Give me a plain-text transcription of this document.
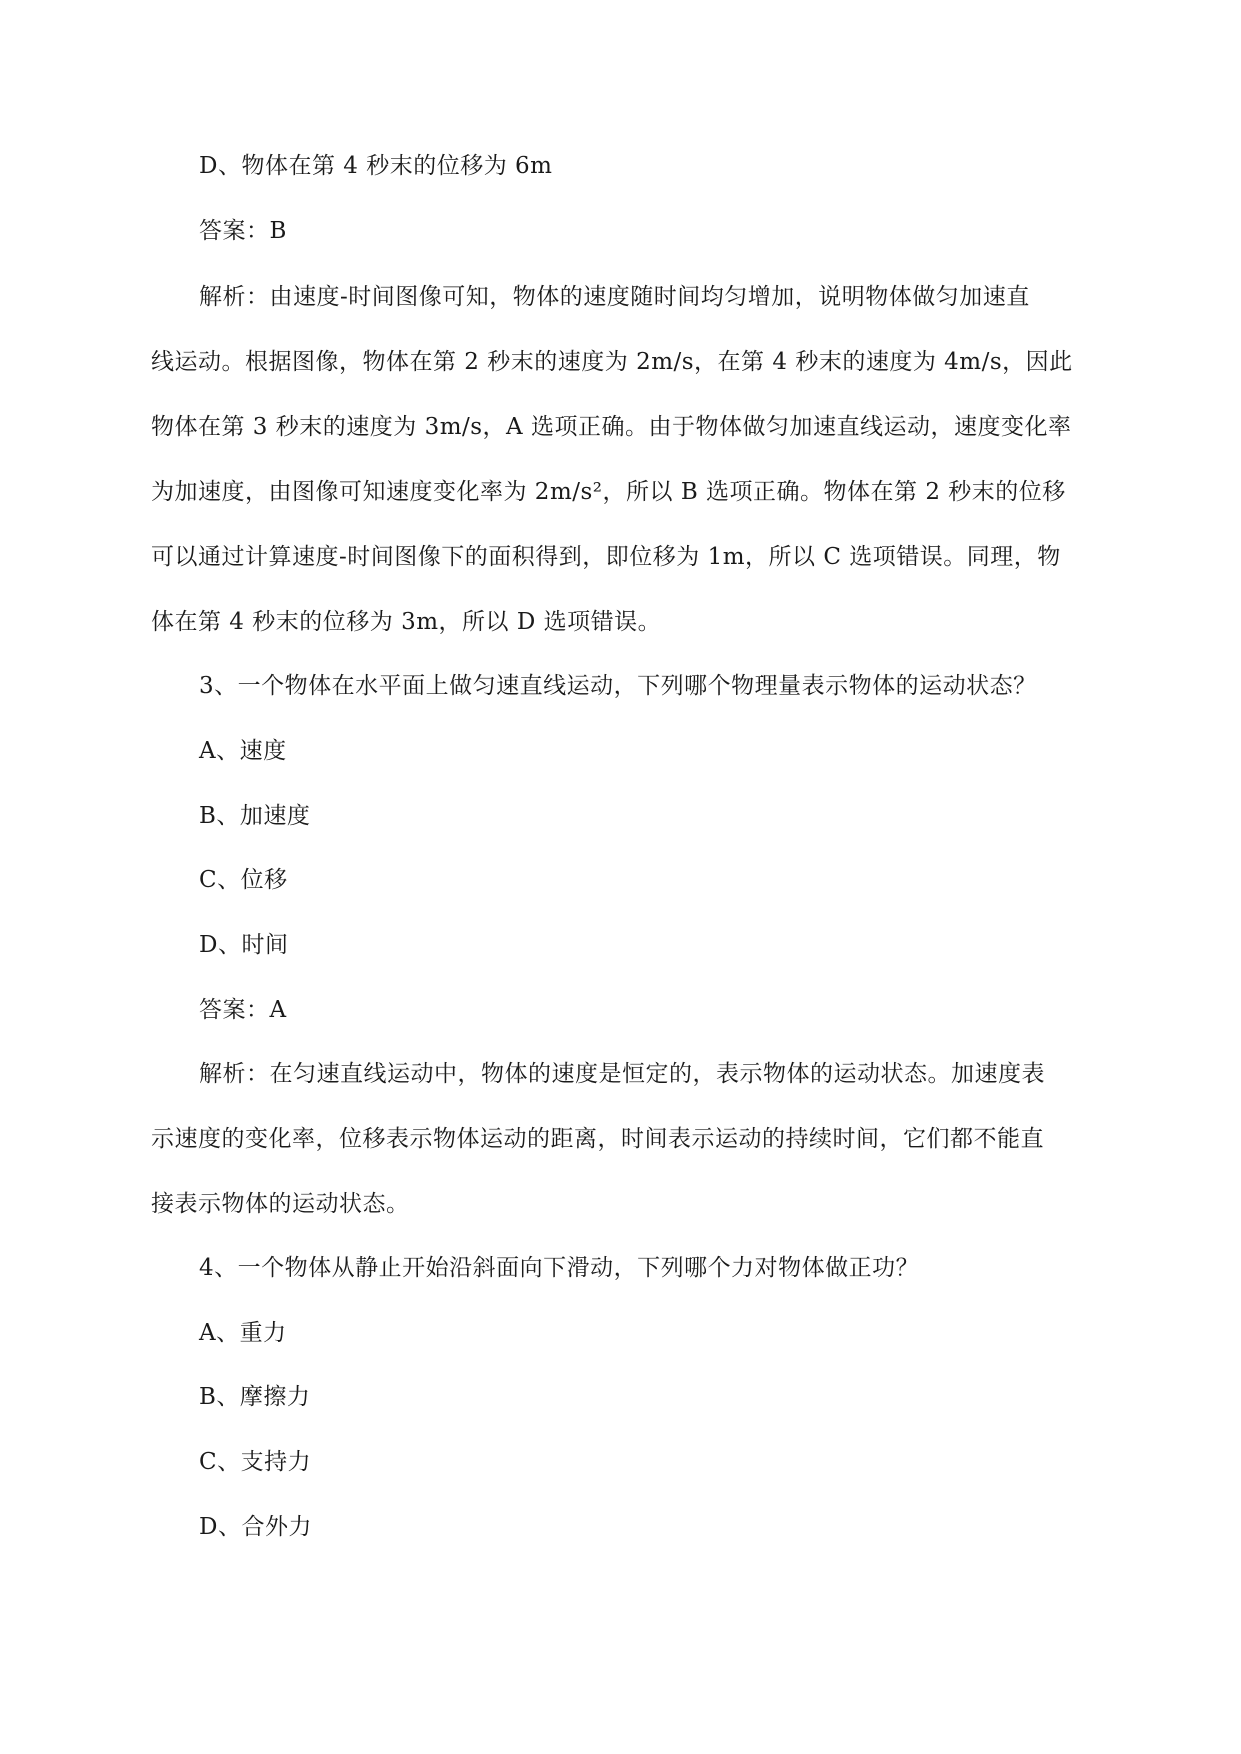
D、物体在第 4 秒末的位移为 6m
答案：B
解析：由速度-时间图像可知，物体的速度随时间均匀增加，说明物体做匀加速直
线运动。根据图像，物体在第 2 秒末的速度为 2m/s，在第 4 秒末的速度为 4m/s，因此
物体在第 3 秒末的速度为 3m/s，A 选项正确。由于物体做匀加速直线运动，速度变化率
为加速度，由图像可知速度变化率为 2m/s²，所以 B 选项正确。物体在第 2 秒末的位移
可以通过计算速度-时间图像下的面积得到，即位移为 1m，所以 C 选项错误。同理，物
体在第 4 秒末的位移为 3m，所以 D 选项错误。
3、一个物体在水平面上做匀速直线运动，下列哪个物理量表示物体的运动状态？
A、速度
B、加速度
C、位移
D、时间
答案：A
解析：在匀速直线运动中，物体的速度是恒定的，表示物体的运动状态。加速度表
示速度的变化率，位移表示物体运动的距离，时间表示运动的持续时间，它们都不能直
接表示物体的运动状态。
4、一个物体从静止开始沿斜面向下滑动，下列哪个力对物体做正功？
A、重力
B、摩擦力
C、支持力
D、合外力
